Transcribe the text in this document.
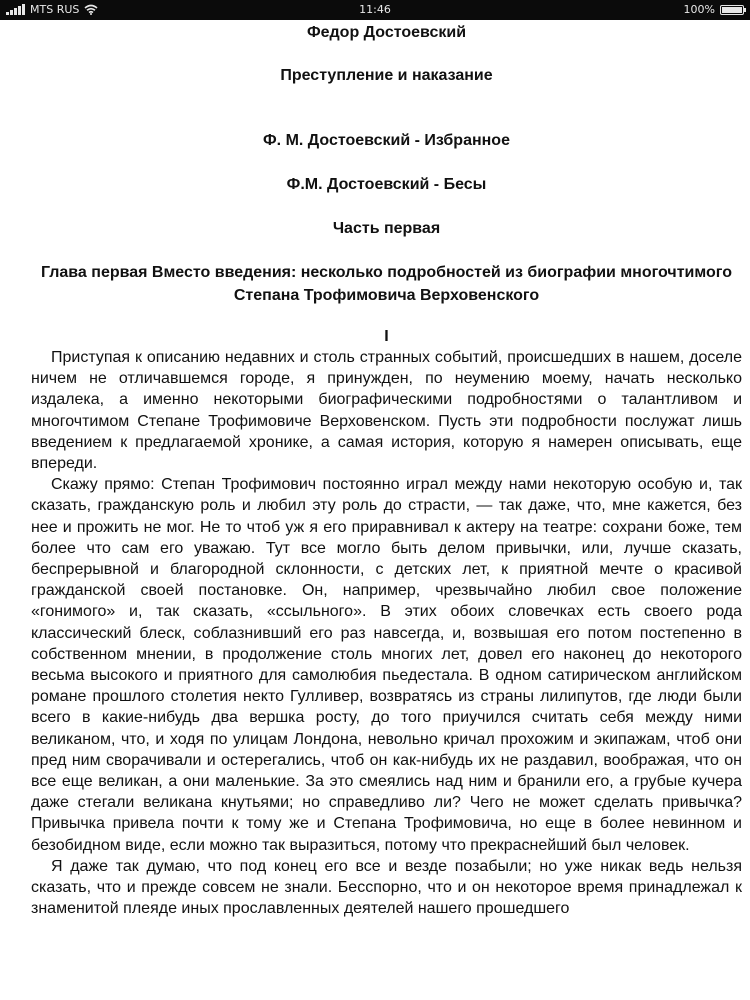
MTS RUS	11:46	100%

Федор Достоевский

Преступление и наказание

Ф. М. Достоевский - Избранное

Ф.М. Достоевский - Бесы

Часть первая

Глава первая Вместо введения: несколько подробностей из биографии многочтимого Степана Трофимовича Верховенского

I

Приступая к описанию недавних и столь странных событий, происшедших в нашем, доселе ничем не отличавшемся городе, я принужден, по неумению моему, начать несколько издалека, а именно некоторыми биографическими подробностями о талантливом и многочтимом Степане Трофимовиче Верховенском. Пусть эти подробности послужат лишь введением к предлагаемой хронике, а самая история, которую я намерен описывать, еще впереди.

Скажу прямо: Степан Трофимович постоянно играл между нами некоторую особую и, так сказать, гражданскую роль и любил эту роль до страсти, — так даже, что, мне кажется, без нее и прожить не мог. Не то чтоб уж я его приравнивал к актеру на театре: сохрани боже, тем более что сам его уважаю. Тут все могло быть делом привычки, или, лучше сказать, беспрерывной и благородной склонности, с детских лет, к приятной мечте о красивой гражданской своей постановке. Он, например, чрезвычайно любил свое положение «гонимого» и, так сказать, «ссыльного». В этих обоих словечках есть своего рода классический блеск, соблазнивший его раз навсегда, и, возвышая его потом постепенно в собственном мнении, в продолжение столь многих лет, довел его наконец до некоторого весьма высокого и приятного для самолюбия пьедестала. В одном сатирическом английском романе прошлого столетия некто Гулливер, возвратясь из страны лилипутов, где люди были всего в какие-нибудь два вершка росту, до того приучился считать себя между ними великаном, что, и ходя по улицам Лондона, невольно кричал прохожим и экипажам, чтоб они пред ним сворачивали и остерегались, чтоб он как-нибудь их не раздавил, воображая, что он все еще великан, а они маленькие. За это смеялись над ним и бранили его, а грубые кучера даже стегали великана кнутьями; но справедливо ли? Чего не может сделать привычка? Привычка привела почти к тому же и Степана Трофимовича, но еще в более невинном и безобидном виде, если можно так выразиться, потому что прекраснейший был человек.

Я даже так думаю, что под конец его все и везде позабыли; но уже никак ведь нельзя сказать, что и прежде совсем не знали. Бесспорно, что и он некоторое время принадлежал к знаменитой плеяде иных прославленных деятелей нашего прошедшего
